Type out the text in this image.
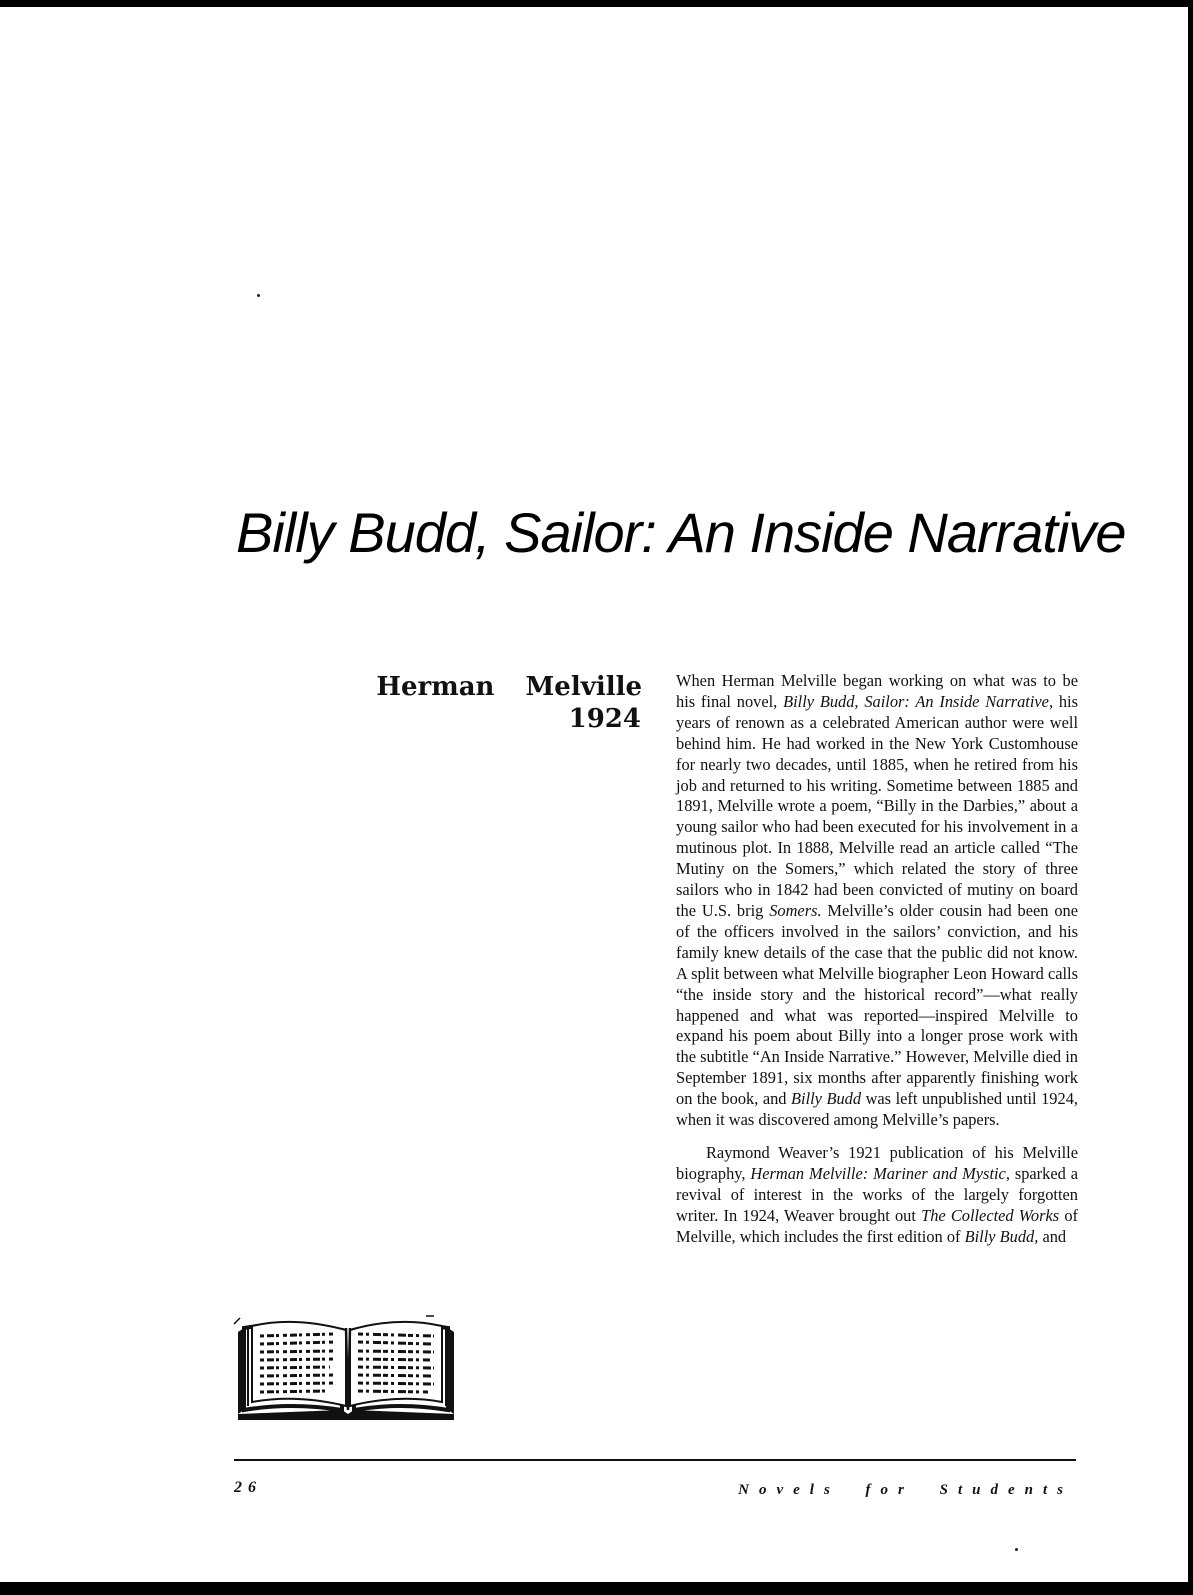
Billy Budd, Sailor: An Inside Narrative
Herman Melville
1924

When Herman Melville began working on what was to be his final novel, Billy Budd, Sailor: An Inside Narrative, his years of renown as a celebrated American author were well behind him. He had worked in the New York Customhouse for nearly two decades, until 1885, when he retired from his job and returned to his writing. Sometime between 1885 and 1891, Melville wrote a poem, “Billy in the Darbies,” about a young sailor who had been executed for his involvement in a mutinous plot. In 1888, Melville read an article called “The Mutiny on the Somers,” which related the story of three sailors who in 1842 had been convicted of mutiny on board the U.S. brig Somers. Melville’s older cousin had been one of the officers involved in the sailors’ conviction, and his family knew details of the case that the public did not know. A split between what Melville biographer Leon Howard calls “the inside story and the historical record”—what really happened and what was reported—inspired Melville to expand his poem about Billy into a longer prose work with the subtitle “An Inside Narrative.” However, Melville died in September 1891, six months after apparently finishing work on the book, and Billy Budd was left unpublished until 1924, when it was discovered among Melville’s papers.

Raymond Weaver’s 1921 publication of his Melville biography, Herman Melville: Mariner and Mystic, sparked a revival of interest in the works of the largely forgotten writer. In 1924, Weaver brought out The Collected Works of Melville, which includes the first edition of Billy Budd, and

26	Novels for Students
